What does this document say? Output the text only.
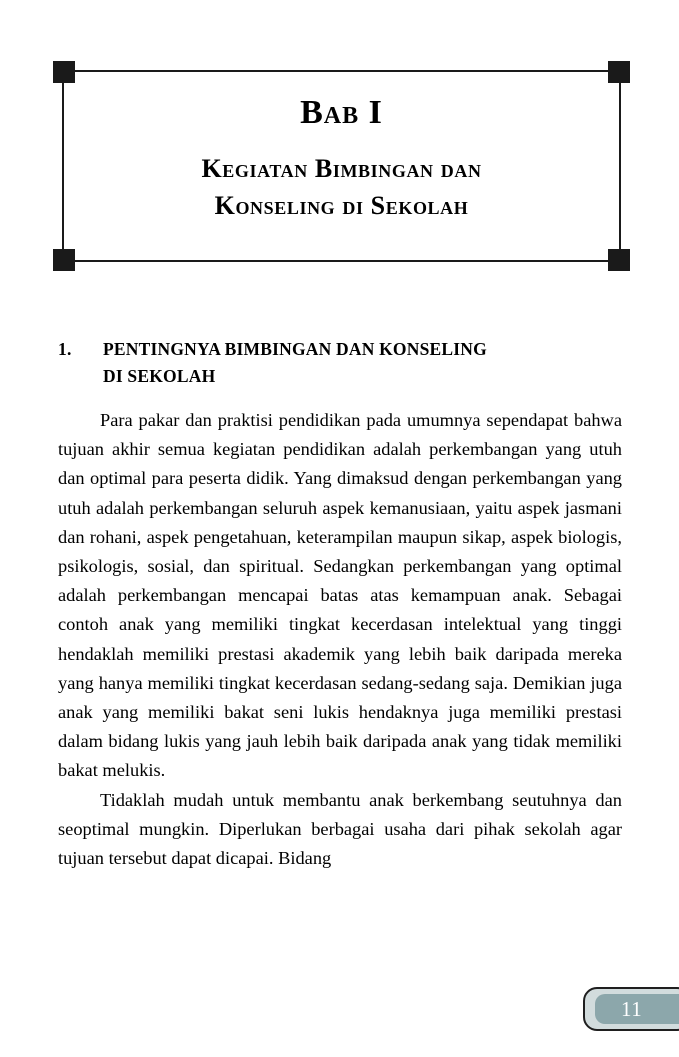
Bab I
Kegiatan Bimbingan dan
Konseling di Sekolah
1. PENTINGNYA BIMBINGAN DAN KONSELING
DI SEKOLAH

Para pakar dan praktisi pendidikan pada umumnya sependapat bahwa tujuan akhir semua kegiatan pendidikan adalah perkembangan yang utuh dan optimal para peserta didik. Yang dimaksud dengan perkembangan yang utuh adalah perkembangan seluruh aspek kemanusiaan, yaitu aspek jasmani dan rohani, aspek pengetahuan, keterampilan maupun sikap, aspek biologis, psikologis, sosial, dan spiritual. Sedangkan perkembangan yang optimal adalah perkembangan mencapai batas atas kemampuan anak. Sebagai contoh anak yang memiliki tingkat kecerdasan intelektual yang tinggi hendaklah memiliki prestasi akademik yang lebih baik daripada mereka yang hanya memiliki tingkat kecerdasan sedang-sedang saja. Demikian juga anak yang memiliki bakat seni lukis hendaknya juga memiliki prestasi dalam bidang lukis yang jauh lebih baik daripada anak yang tidak memiliki bakat melukis.

Tidaklah mudah untuk membantu anak berkembang seutuhnya dan seoptimal mungkin. Diperlukan berbagai usaha dari pihak sekolah agar tujuan tersebut dapat dicapai. Bidang

11
